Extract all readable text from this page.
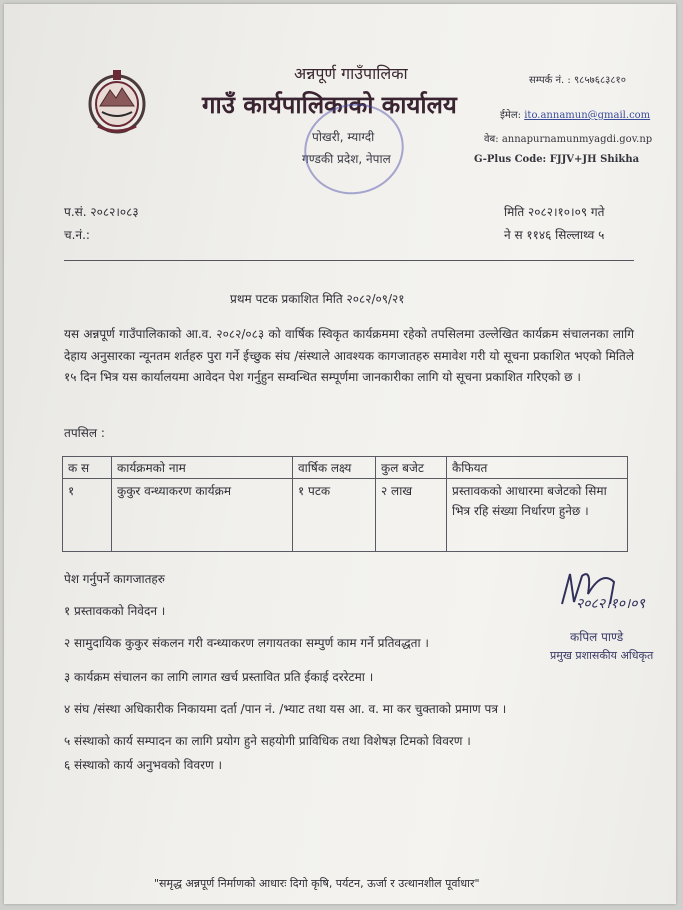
अन्नपूर्ण गाउँपालिका
गाउँ कार्यपालिकाको कार्यालय
पोखरी, म्याग्दी
गण्डकी प्रदेश, नेपाल
सम्पर्क नं. : ९८५७६८३८१०
ईमेल: ito.annamun@gmail.com
वेब: annapurnamunmyagdi.gov.np
G-Plus Code: FJJV+JH Shikha
प.सं. २०८२।०८३
च.नं.:
मिति २०८२।१०।०९ गते
ने स ११४६ सिल्लाथ्व ५
प्रथम पटक प्रकाशित मिति २०८२/०९/२१
यस अन्नपूर्ण गाउँपालिकाको आ.व. २०८२/०८३ को वार्षिक स्विकृत कार्यक्रममा रहेको तपसिलमा उल्लेखित कार्यक्रम संचालनका लागि देहाय अनुसारका न्यूनतम शर्तहरु पुरा गर्ने ईच्छुक संघ /संस्थाले आवश्यक कागजातहरु समावेश गरी यो सूचना प्रकाशित भएको मितिले १५ दिन भित्र यस कार्यालयमा आवेदन पेश गर्नुहुन सम्वन्धित सम्पूर्णमा जानकारीका लागि यो सूचना प्रकाशित गरिएको छ ।
तपसिल :
क स	कार्यक्रमको नाम	वार्षिक लक्ष्य	कुल बजेट	कैफियत
१	कुकुर वन्ध्याकरण कार्यक्रम	१ पटक	२ लाख	प्रस्तावकको आधारमा बजेटको सिमा भित्र रहि संख्या निर्धारण हुनेछ ।
पेश गर्नुपर्ने कागजातहरु
१ प्रस्तावकको निवेदन ।
२ सामुदायिक कुकुर संकलन गरी वन्ध्याकरण लगायतका सम्पुर्ण काम गर्ने प्रतिवद्धता ।
३ कार्यक्रम संचालन का लागि लागत खर्च प्रस्तावित प्रति ईकाई दररेटमा ।
४ संघ /संस्था अधिकारीक निकायमा दर्ता /पान नं. /भ्याट तथा यस आ. व. मा कर चुक्ताको प्रमाण पत्र ।
५ संस्थाको कार्य सम्पादन का लागि प्रयोग हुने सहयोगी प्राविधिक तथा विशेषज्ञ टिमको विवरण ।
६ संस्थाको कार्य अनुभवको विवरण ।
२०८२।१०।०९
कपिल पाण्डे
प्रमुख प्रशासकीय अधिकृत
"समृद्ध अन्नपूर्ण निर्माणको आधारः दिगो कृषि, पर्यटन, ऊर्जा र उत्थानशील पूर्वाधार"
